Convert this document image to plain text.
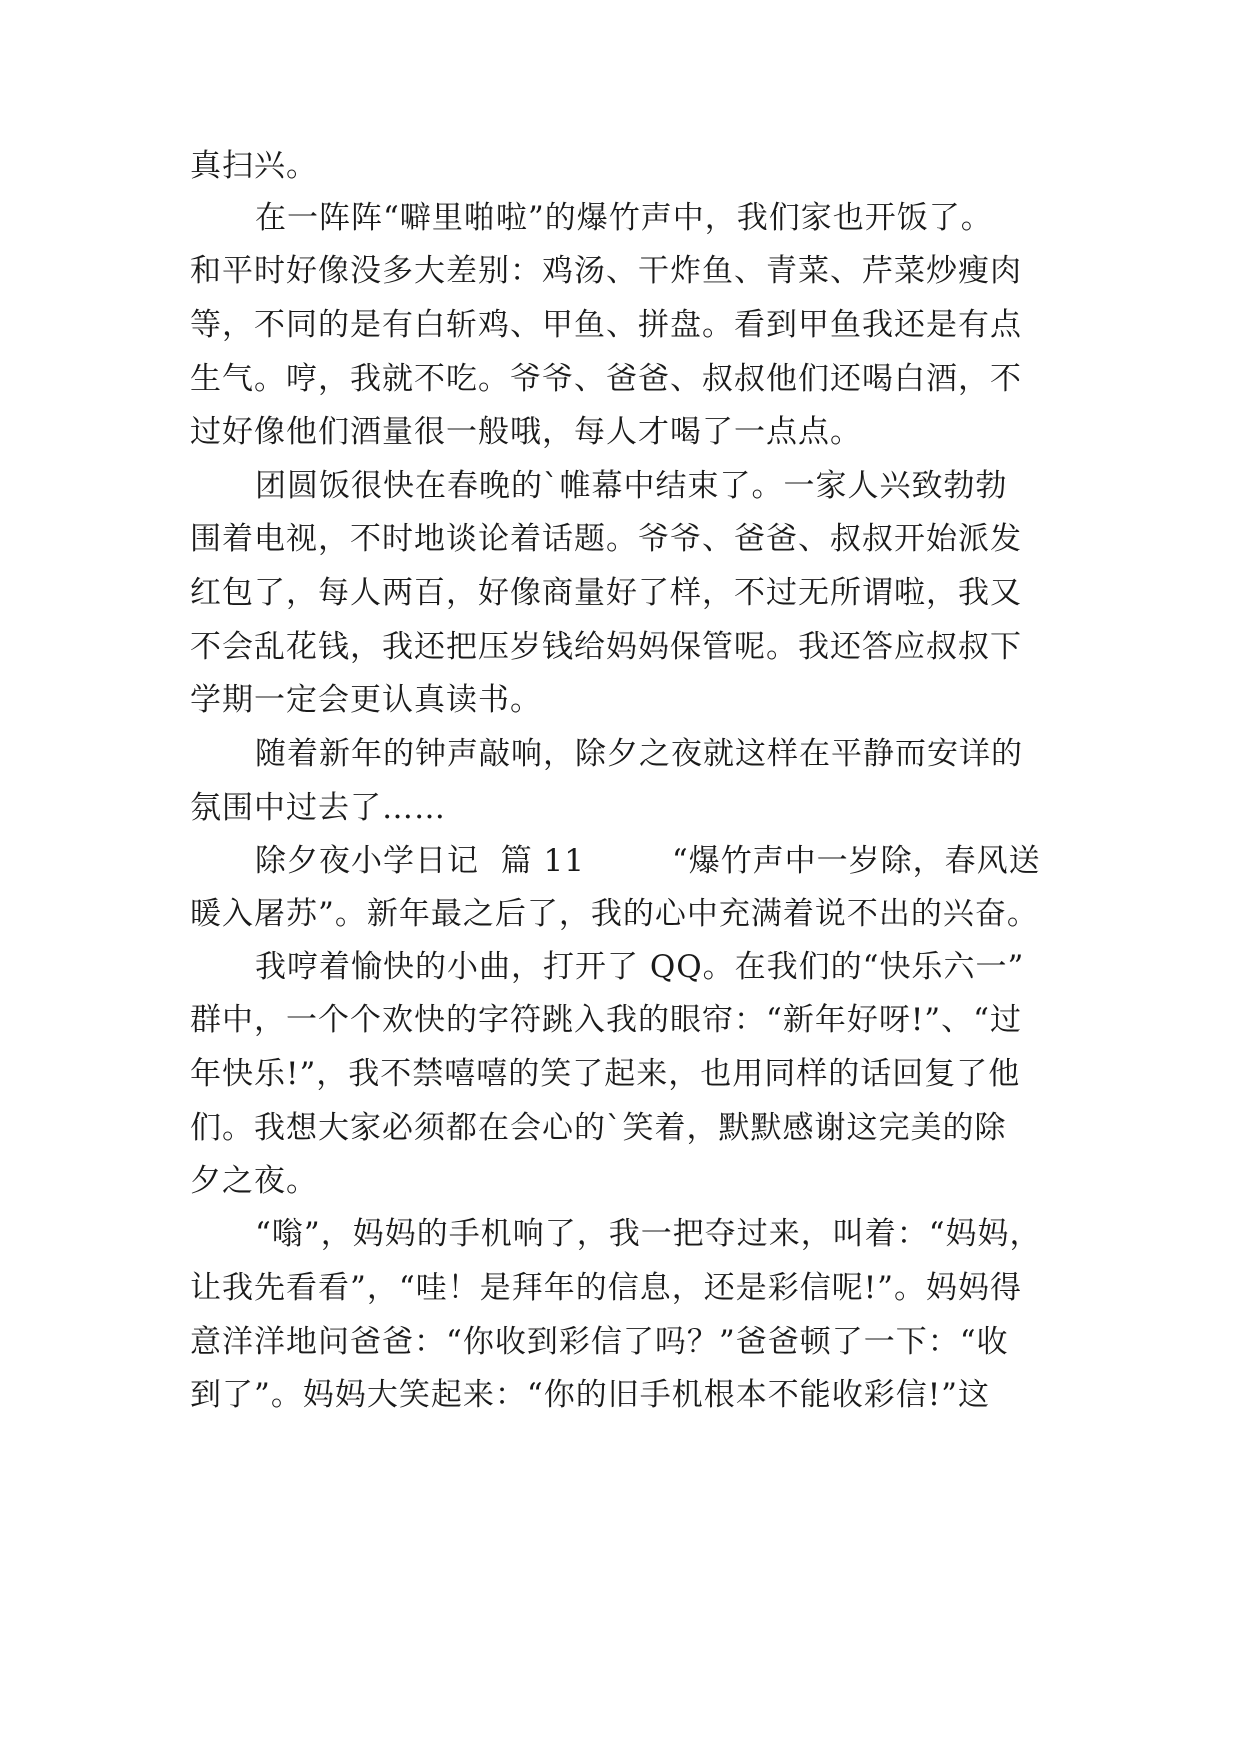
真扫兴。
在一阵阵“噼里啪啦”的爆竹声中，我们家也开饭了。
和平时好像没多大差别：鸡汤、干炸鱼、青菜、芹菜炒瘦肉
等，不同的是有白斩鸡、甲鱼、拼盘。看到甲鱼我还是有点
生气。哼，我就不吃。爷爷、爸爸、叔叔他们还喝白酒，不
过好像他们酒量很一般哦，每人才喝了一点点。
团圆饭很快在春晚的`帷幕中结束了。一家人兴致勃勃
围着电视，不时地谈论着话题。爷爷、爸爸、叔叔开始派发
红包了，每人两百，好像商量好了样，不过无所谓啦，我又
不会乱花钱，我还把压岁钱给妈妈保管呢。我还答应叔叔下
学期一定会更认真读书。
随着新年的钟声敲响，除夕之夜就这样在平静而安详的
氛围中过去了……
除夕夜小学日记  篇 11        “爆竹声中一岁除，春风送
暖入屠苏”。新年最之后了，我的心中充满着说不出的兴奋。
我哼着愉快的小曲，打开了 QQ。在我们的“快乐六一”
群中，一个个欢快的字符跳入我的眼帘：“新年好呀!”、“过
年快乐!”，我不禁嘻嘻的笑了起来，也用同样的话回复了他
们。我想大家必须都在会心的`笑着，默默感谢这完美的除
夕之夜。
“嗡”，妈妈的手机响了，我一把夺过来，叫着：“妈妈，
让我先看看”，“哇！是拜年的信息，还是彩信呢!”。妈妈得
意洋洋地问爸爸：“你收到彩信了吗？”爸爸顿了一下：“收
到了”。妈妈大笑起来：“你的旧手机根本不能收彩信!”这
